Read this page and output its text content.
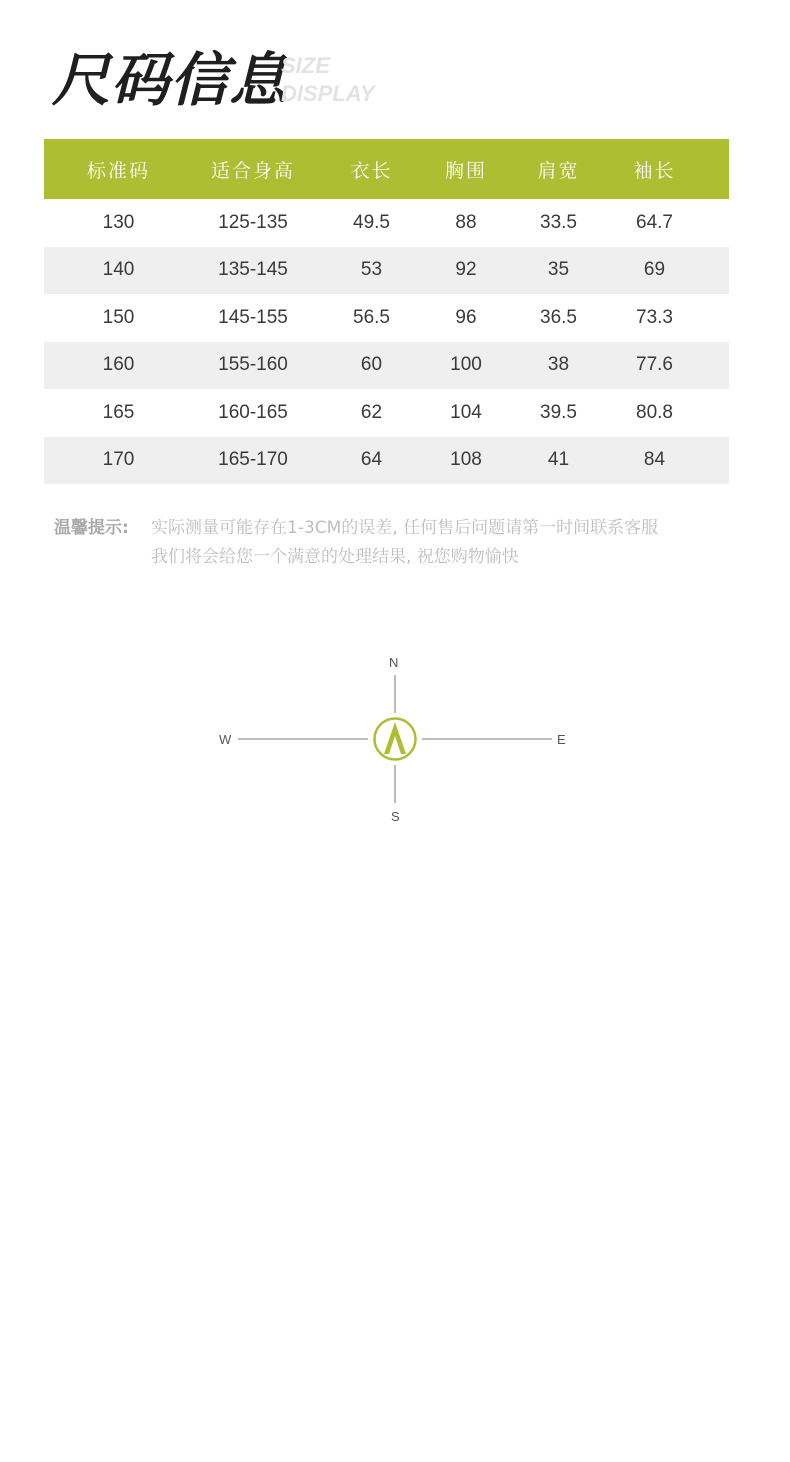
尺码信息
SIZE
DISPLAY
标准码	适合身高	衣长	胸围	肩宽	袖长
130	125-135	49.5	88	33.5	64.7
140	135-145	53	92	35	69
150	145-155	56.5	96	36.5	73.3
160	155-160	60	100	38	77.6
165	160-165	62	104	39.5	80.8
170	165-170	64	108	41	84
温馨提示: 实际测量可能存在1-3CM的误差, 任何售后问题请第一时间联系客服
我们将会给您一个满意的处理结果, 祝您购物愉快
N
S
W	E
